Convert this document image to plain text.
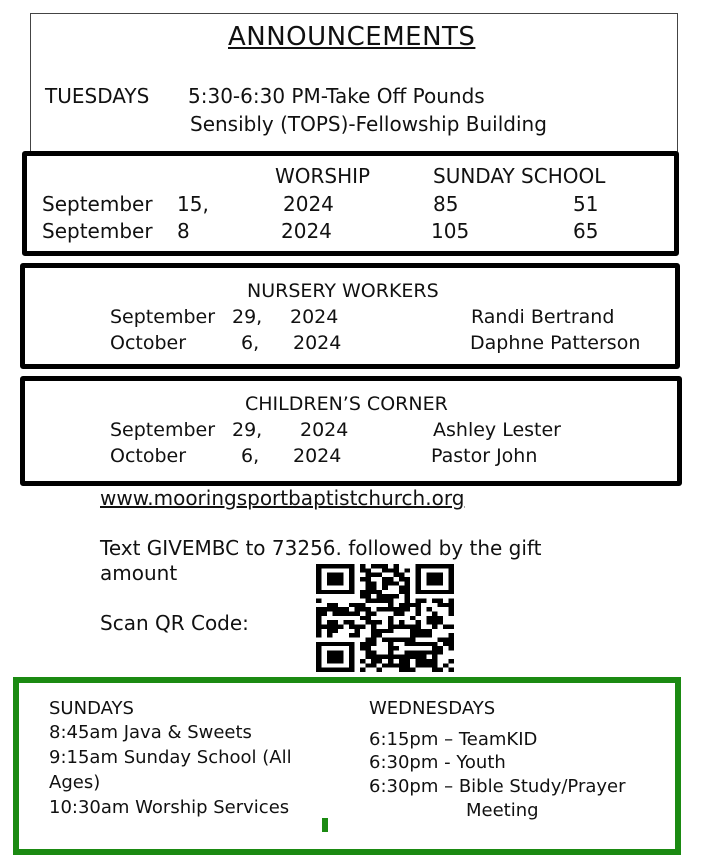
ANNOUNCEMENTS
TUESDAYS 5:30-6:30 PM-Take Off Pounds
Sensibly (TOPS)-Fellowship Building
WORSHIP	SUNDAY SCHOOL
September 15,	2024	85	51
September 8	2024	105	65
NURSERY WORKERS
September 29, 2024	Randi Bertrand
October	6, 2024	Daphne Patterson
CHILDREN’S CORNER
September 29, 2024	Ashley Lester
October	6, 2024	Pastor John
www.mooringsportbaptistchurch.org
Text GIVEMBC to 73256. followed by the gift
amount
Scan QR Code:
SUNDAYS
8:45am Java & Sweets
9:15am Sunday School (All
Ages)
10:30am Worship Services
WEDNESDAYS
6:15pm – TeamKID
6:30pm - Youth
6:30pm – Bible Study/Prayer
Meeting
